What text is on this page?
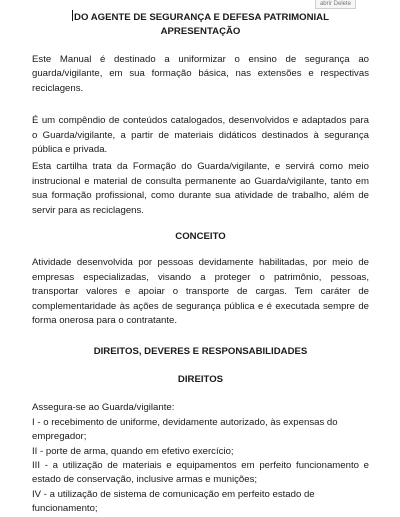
abrir Delete

DO AGENTE DE SEGURANÇA E DEFESA PATRIMONIAL

APRESENTAÇÃO

Este Manual é destinado a uniformizar o ensino de segurança ao guarda/vigilante, em sua formação básica, nas extensões e respectivas reciclagens.

É um compêndio de conteúdos catalogados, desenvolvidos e adaptados para o Guarda/vigilante, a partir de materiais didáticos destinados à segurança pública e privada.

Esta cartilha trata da Formação do Guarda/vigilante, e servirá como meio instrucional e material de consulta permanente ao Guarda/vigilante, tanto em sua formação profissional, como durante sua atividade de trabalho, além de servir para as reciclagens.

CONCEITO

Atividade desenvolvida por pessoas devidamente habilitadas, por meio de empresas especializadas, visando a proteger o patrimônio, pessoas, transportar valores e apoiar o transporte de cargas. Tem caráter de complementaridade às ações de segurança pública e é executada sempre de forma onerosa para o contratante.

DIREITOS, DEVERES E RESPONSABILIDADES

DIREITOS

Assegura-se ao Guarda/vigilante:

I - o recebimento de uniforme, devidamente autorizado, às expensas do empregador;

II - porte de arma, quando em efetivo exercício;

III - a utilização de materiais e equipamentos em perfeito funcionamento e estado de conservação, inclusive armas e munições;

IV - a utilização de sistema de comunicação em perfeito estado de funcionamento;
